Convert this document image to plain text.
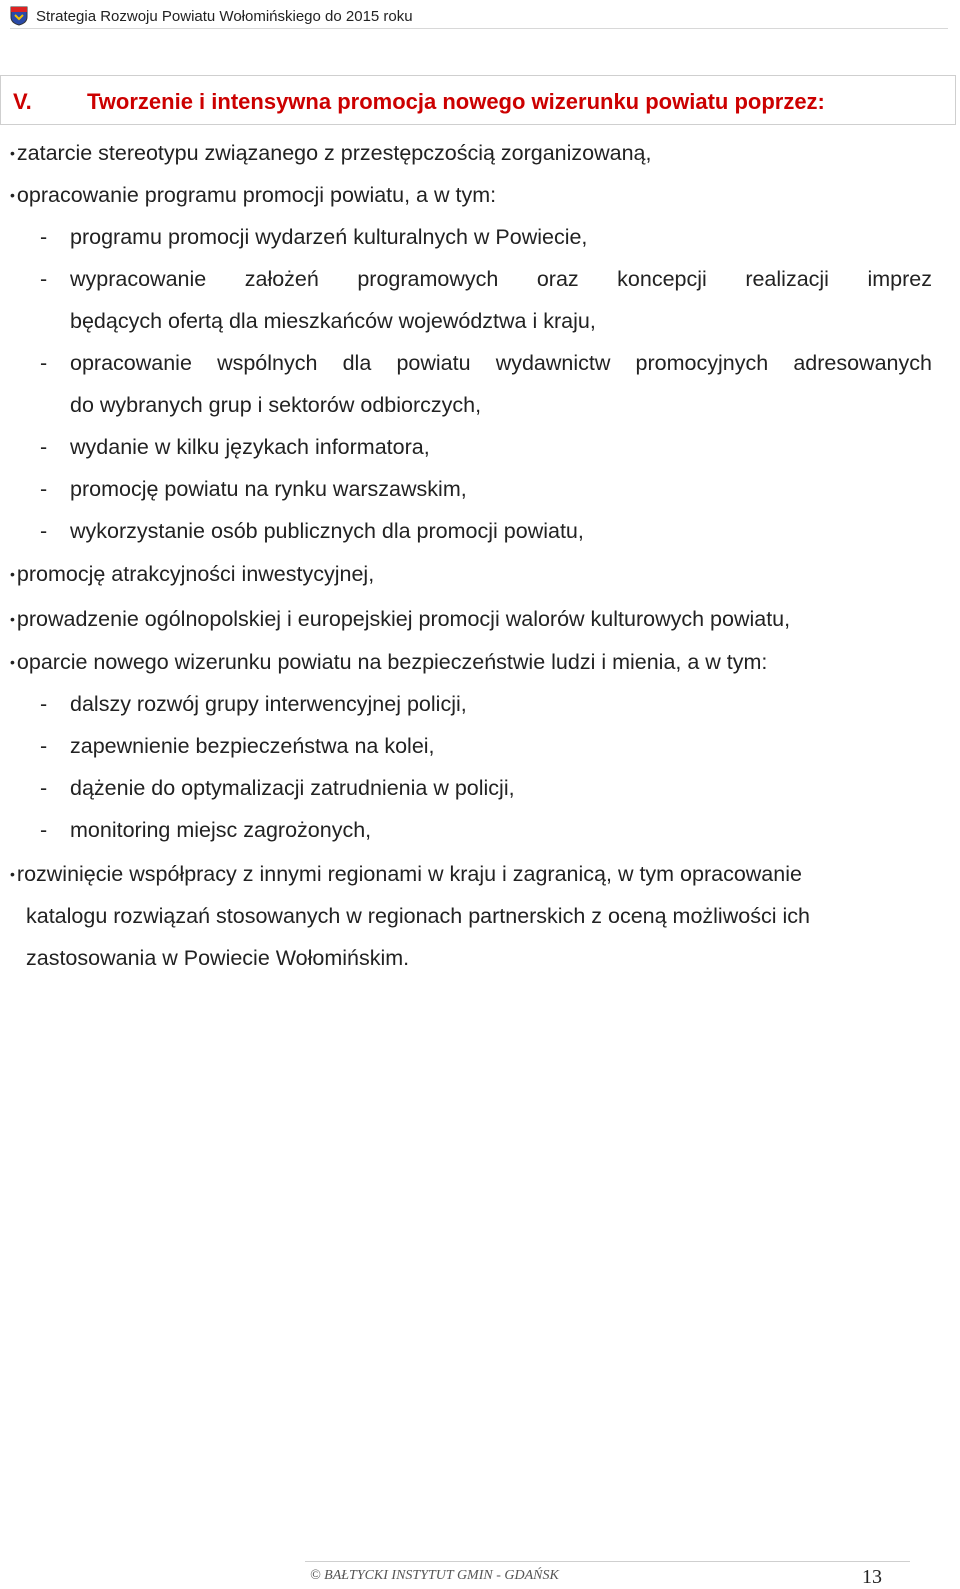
Strategia Rozwoju Powiatu Wołomińskiego do 2015 roku
V.	Tworzenie i intensywna promocja nowego wizerunku powiatu poprzez:
•zatarcie stereotypu związanego z przestępczością zorganizowaną,
•opracowanie programu promocji powiatu, a w tym:
- programu promocji wydarzeń kulturalnych w Powiecie,
- wypracowanie założeń programowych oraz koncepcji realizacji imprez
będących ofertą dla mieszkańców województwa i kraju,
- opracowanie wspólnych dla powiatu wydawnictw promocyjnych adresowanych
do wybranych grup i sektorów odbiorczych,
- wydanie w kilku językach informatora,
- promocję powiatu na rynku warszawskim,
- wykorzystanie osób publicznych dla promocji powiatu,
•promocję atrakcyjności inwestycyjnej,
•prowadzenie ogólnopolskiej i europejskiej promocji walorów kulturowych powiatu,
•oparcie nowego wizerunku powiatu na bezpieczeństwie ludzi i mienia, a w tym:
- dalszy rozwój grupy interwencyjnej policji,
- zapewnienie bezpieczeństwa na kolei,
- dążenie do optymalizacji zatrudnienia w policji,
- monitoring miejsc zagrożonych,
•rozwinięcie współpracy z innymi regionami w kraju i zagranicą, w tym opracowanie
katalogu rozwiązań stosowanych w regionach partnerskich z oceną możliwości ich
zastosowania w Powiecie Wołomińskim.
© BAŁTYCKI INSTYTUT GMIN - GDAŃSK	13
